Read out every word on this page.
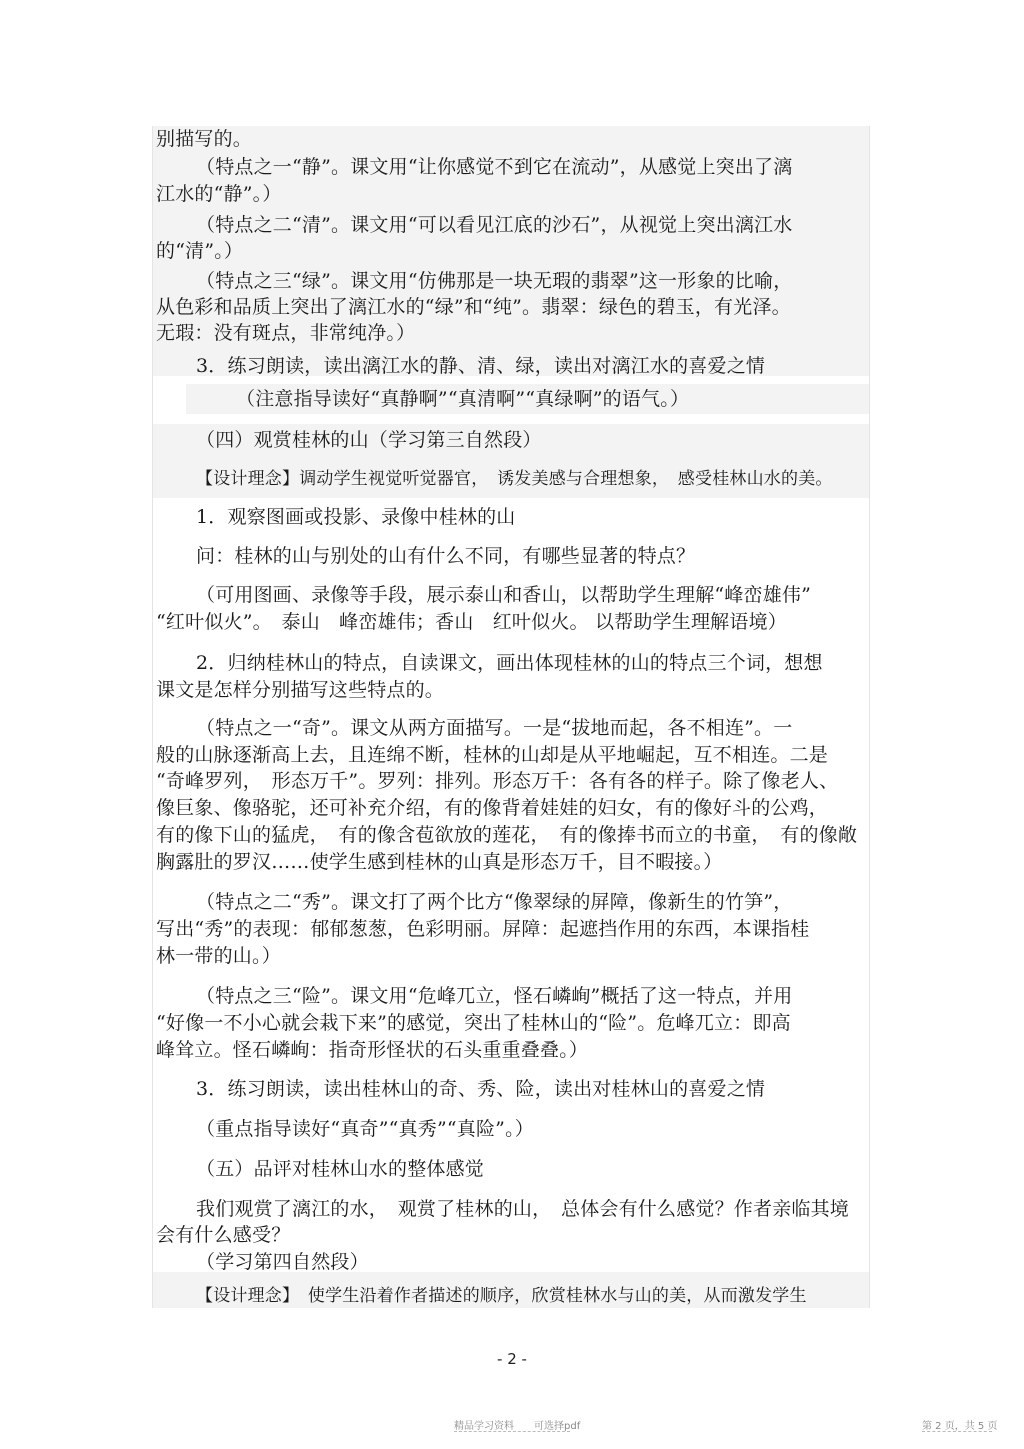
别描写的。
（特点之一“静”。课文用“让你感觉不到它在流动”，从感觉上突出了漓
江水的“静”。）
（特点之二“清”。课文用“可以看见江底的沙石”，从视觉上突出漓江水
的“清”。）
（特点之三“绿”。课文用“仿佛那是一块无瑕的翡翠”这一形象的比喻，
从色彩和品质上突出了漓江水的“绿”和“纯”。翡翠：绿色的碧玉，有光泽。
无瑕：没有斑点，非常纯净。）
3．练习朗读，读出漓江水的静、清、绿，读出对漓江水的喜爱之情
（注意指导读好“真静啊”“真清啊”“真绿啊”的语气。）
（四）观赏桂林的山（学习第三自然段）
【设计理念】调动学生视觉听觉器官，　诱发美感与合理想象，　感受桂林山水的美。
1．观察图画或投影、录像中桂林的山
问：桂林的山与别处的山有什么不同，有哪些显著的特点？
（可用图画、录像等手段，展示泰山和香山，以帮助学生理解“峰峦雄伟”
“红叶似火”。　泰山　峰峦雄伟；香山　红叶似火。 以帮助学生理解语境）
2．归纳桂林山的特点，自读课文，画出体现桂林的山的特点三个词，想想
课文是怎样分别描写这些特点的。
（特点之一“奇”。课文从两方面描写。一是“拔地而起，各不相连”。一
般的山脉逐渐高上去，且连绵不断，桂林的山却是从平地崛起，互不相连。二是
“奇峰罗列，　形态万千”。罗列：排列。形态万千：各有各的样子。除了像老人、
像巨象、像骆驼，还可补充介绍，有的像背着娃娃的妇女，有的像好斗的公鸡，
有的像下山的猛虎，　有的像含苞欲放的莲花，　有的像捧书而立的书童，　有的像敞
胸露肚的罗汉……使学生感到桂林的山真是形态万千，目不暇接。）
（特点之二“秀”。课文打了两个比方“像翠绿的屏障，像新生的竹笋”，
写出“秀”的表现：郁郁葱葱，色彩明丽。屏障：起遮挡作用的东西，本课指桂
林一带的山。）
（特点之三“险”。课文用“危峰兀立，怪石嶙峋”概括了这一特点，并用
“好像一不小心就会栽下来”的感觉，突出了桂林山的“险”。危峰兀立：即高
峰耸立。怪石嶙峋：指奇形怪状的石头重重叠叠。）
3．练习朗读，读出桂林山的奇、秀、险，读出对桂林山的喜爱之情
（重点指导读好“真奇”“真秀”“真险”。）
（五）品评对桂林山水的整体感觉
我们观赏了漓江的水，　观赏了桂林的山，　总体会有什么感觉？作者亲临其境
会有什么感受？
（学习第四自然段）
【设计理念】　使学生沿着作者描述的顺序，欣赏桂林水与山的美，从而激发学生
- 2 -
精品学习资料　　可选择pdf	第 2 页，共 5 页
